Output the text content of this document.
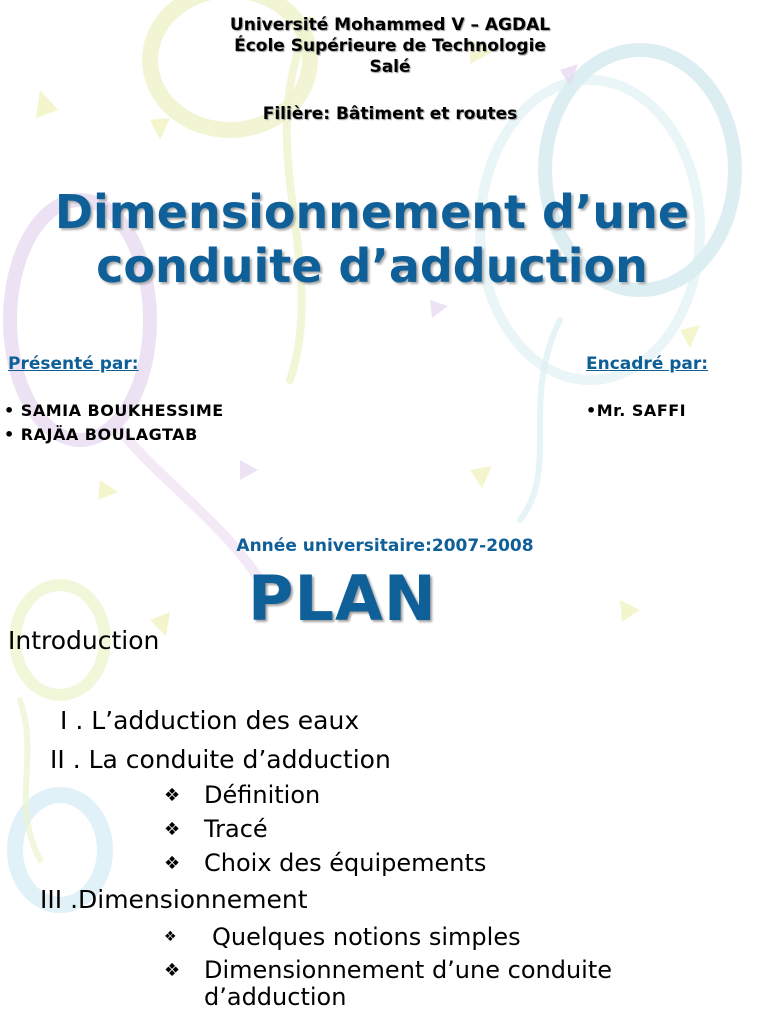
Université Mohammed V – AGDAL
École Supérieure de Technologie
Salé
Filière: Bâtiment et routes
Dimensionnement d’une
conduite d’adduction
Présenté par:	Encadré par:
• SAMIA BOUKHESSIME
• RAJÄA BOULAGTAB
•Mr. SAFFI
Année universitaire:2007-2008
PLAN
Introduction
I . L’adduction des eaux
II . La conduite d’adduction
❖ Définition
❖ Tracé
❖ Choix des équipements
III .Dimensionnement
❖ Quelques notions simples
❖ Dimensionnement d’une conduite
d’adduction
